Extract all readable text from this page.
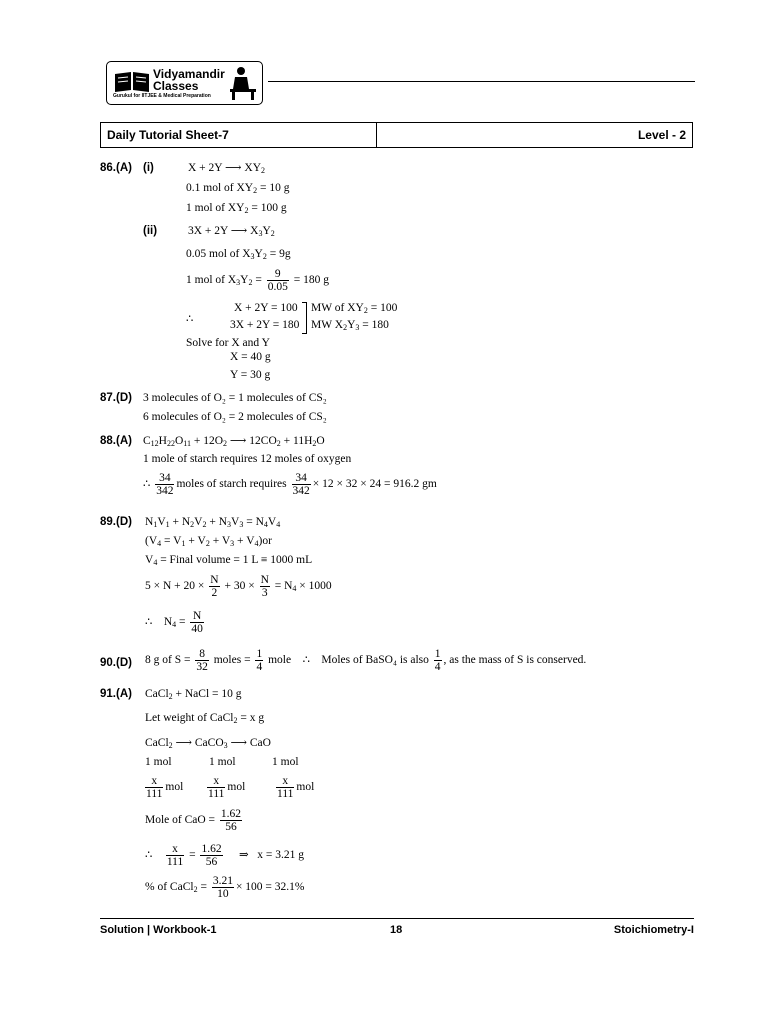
Vidyamandir
Classes
Gurukul for IITJEE & Medical Preparation
Daily Tutorial Sheet-7	Level - 2
86.(A) (i)	X + 2Y ⟶ $XY_2$
0.1 mol of $XY_2 = 10$ g
1 mol of $XY_2 = 100$ g
(ii)	3X + 2Y ⟶ $X_3Y_2$
0.05 mol of $X_3Y_2 = 9g$
1 mol of $X_3Y_2 = \frac{9}{0.05} = 180$ g
∴
X + 2Y = 100
3X + 2Y = 180
MW of $XY_2 = 100$
MW $X_2Y_3 = 180$
Solve for X and Y
X = 40 g
Y = 30 g
87.(D) 3 molecules of O₂ = 1 molecules of CS₂
6 molecules of O₂ = 2 molecules of CS₂
88.(A) $C_{12}H_{22}O_{11} + 12O_2$ ⟶ $12CO_2 + 11H_2O$
1 mole of starch requires 12 moles of oxygen
∴ $\frac{34}{342}$ moles of starch requires $\frac{34}{342} \times 12 \times 32 \times 24 = 916.2$ gm
89.(D) $N_1V_1 + N_2V_2 + N_3V_3 = N_4V_4$
$(V_4 = V_1 + V_2 + V_3 + V_4)or$
$V_4$ = Final volume = 1 L ≡ 1000 mL
$5 \times N + 20 \times \frac{N}{2} + 30 \times \frac{N}{3} = N_4 \times 1000$
∴    $N_4 = \frac{N}{40}$
90.(D) 8 g of $S = \frac{8}{32}$ moles = $\frac{1}{4}$ mole ∴ Moles of BaSO₄ is also $\frac{1}{4}$ , as the mass of S is conserved.
91.(A) CaCl$_2$ + NaCl = 10 g
Let weight of CaCl$_2$ = x g
CaCl$_2$ ⟶ CaCO$_3$ ⟶ CaO
1 mol	1 mol	1 mol
$\frac{x}{111}$ mol $\frac{x}{111}$ mol	$\frac{x}{111}$ mol
Mole of CaO = $\frac{1.62}{56}$
∴ $\frac{x}{111} = \frac{1.62}{56}$ ⇒ x = 3.21 g
% of CaCl$_2$ = $\frac{3.21}{10} \times 100 = 32.1\%$
Solution | Workbook-1	18	Stoichiometry-I
